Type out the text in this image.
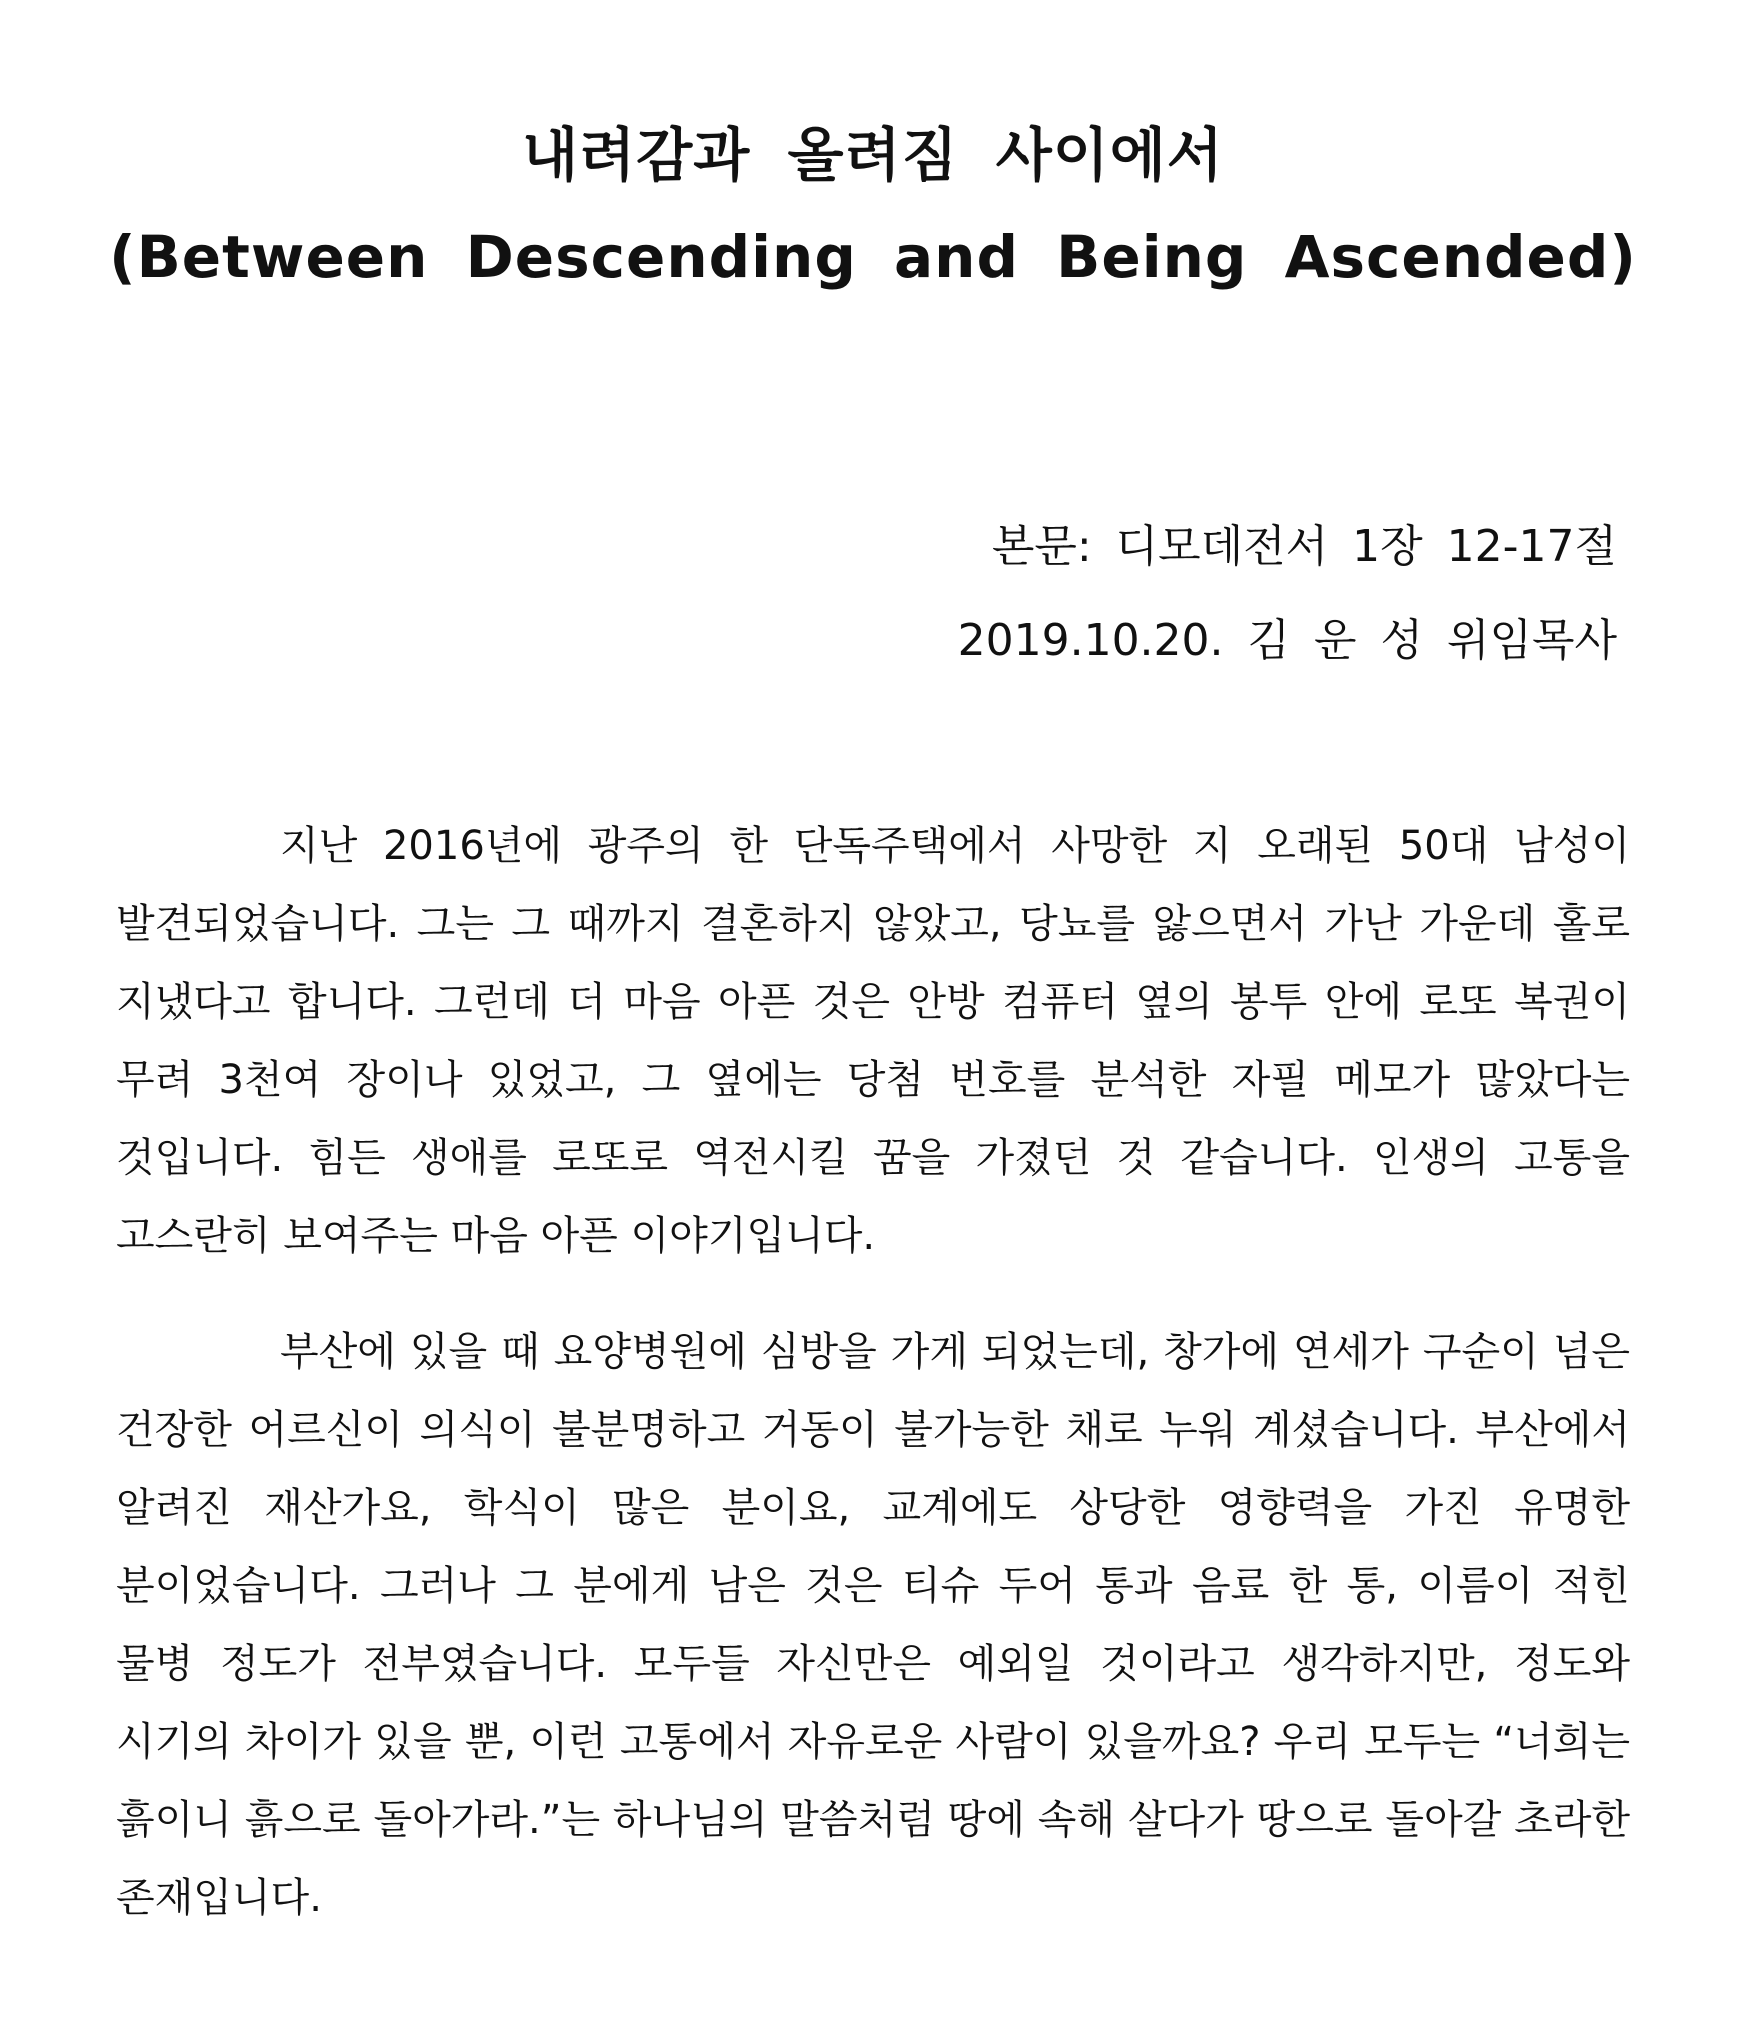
내려감과 올려짐 사이에서
(Between Descending and Being Ascended)

본문: 디모데전서 1장 12-17절

2019.10.20. 김 운 성 위임목사

지난 2016년에 광주의 한 단독주택에서 사망한 지 오래된 50대 남성이 발견되었습니다. 그는 그 때까지 결혼하지 않았고, 당뇨를 앓으면서 가난 가운데 홀로 지냈다고 합니다. 그런데 더 마음 아픈 것은 안방 컴퓨터 옆의 봉투 안에 로또 복권이 무려 3천여 장이나 있었고, 그 옆에는 당첨 번호를 분석한 자필 메모가 많았다는 것입니다. 힘든 생애를 로또로 역전시킬 꿈을 가졌던 것 같습니다. 인생의 고통을 고스란히 보여주는 마음 아픈 이야기입니다.

부산에 있을 때 요양병원에 심방을 가게 되었는데, 창가에 연세가 구순이 넘은 건장한 어르신이 의식이 불분명하고 거동이 불가능한 채로 누워 계셨습니다. 부산에서 알려진 재산가요, 학식이 많은 분이요, 교계에도 상당한 영향력을 가진 유명한 분이었습니다. 그러나 그 분에게 남은 것은 티슈 두어 통과 음료 한 통, 이름이 적힌 물병 정도가 전부였습니다. 모두들 자신만은 예외일 것이라고 생각하지만, 정도와 시기의 차이가 있을 뿐, 이런 고통에서 자유로운 사람이 있을까요? 우리 모두는 “너희는 흙이니 흙으로 돌아가라.”는 하나님의 말씀처럼 땅에 속해 살다가 땅으로 돌아갈 초라한 존재입니다.
